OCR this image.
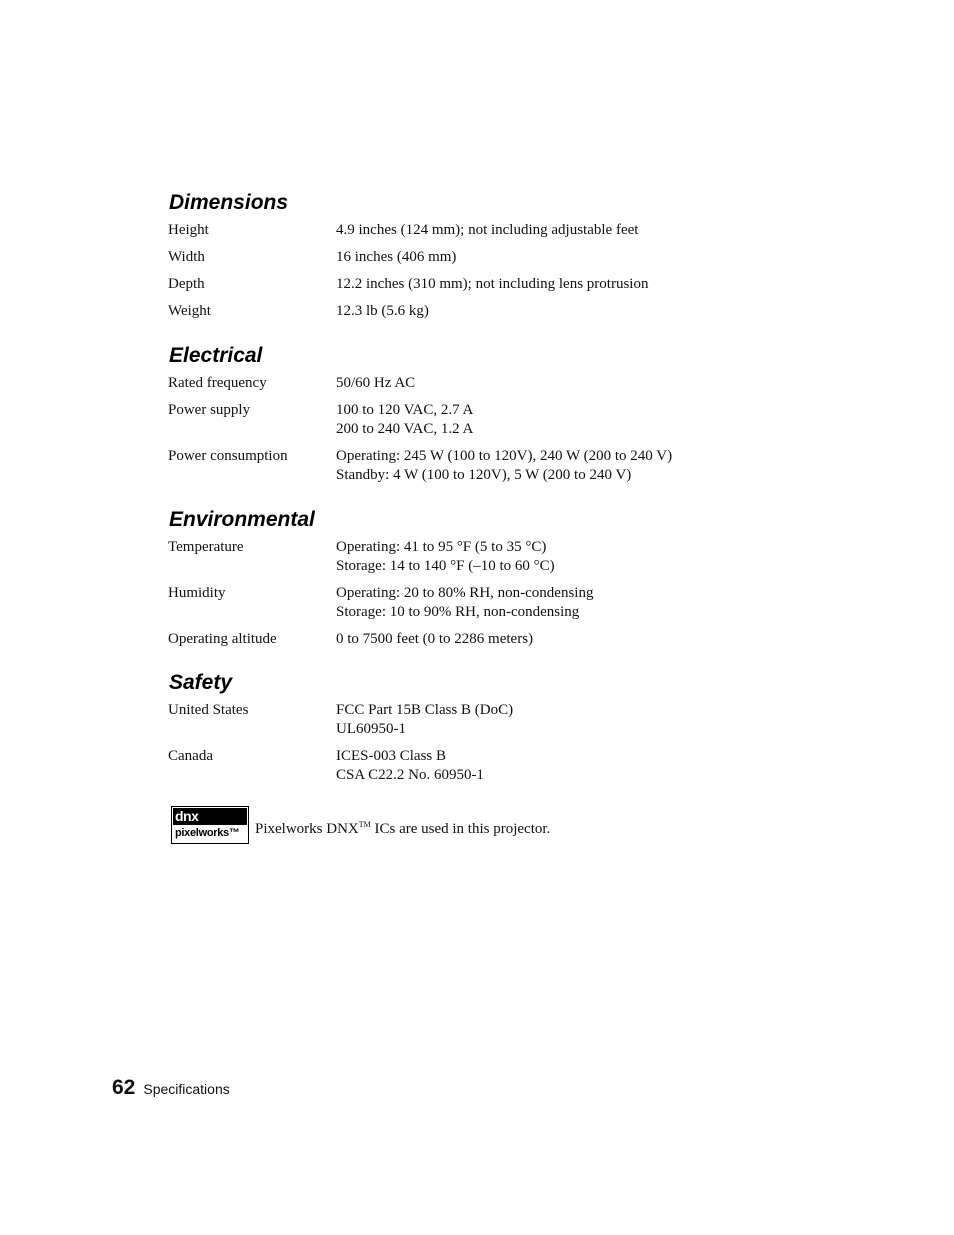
Dimensions
Height	4.9 inches (124 mm); not including adjustable feet
Width	16 inches (406 mm)
Depth	12.2 inches (310 mm); not including lens protrusion
Weight	12.3 lb (5.6 kg)
Electrical
Rated frequency	50/60 Hz AC
Power supply	100 to 120 VAC, 2.7 A
200 to 240 VAC, 1.2 A
Power consumption	Operating: 245 W (100 to 120V), 240 W (200 to 240 V)
Standby: 4 W (100 to 120V), 5 W (200 to 240 V)
Environmental
Temperature	Operating: 41 to 95 °F (5 to 35 °C)
Storage: 14 to 140 °F (–10 to 60 °C)
Humidity	Operating: 20 to 80% RH, non-condensing
Storage: 10 to 90% RH, non-condensing
Operating altitude	0 to 7500 feet (0 to 2286 meters)
Safety
United States	FCC Part 15B Class B (DoC)
UL60950-1
Canada	ICES-003 Class B
CSA C22.2 No. 60950-1
dnx
pixelworks™	Pixelworks DNX™ ICs are used in this projector.
62 Specifications
